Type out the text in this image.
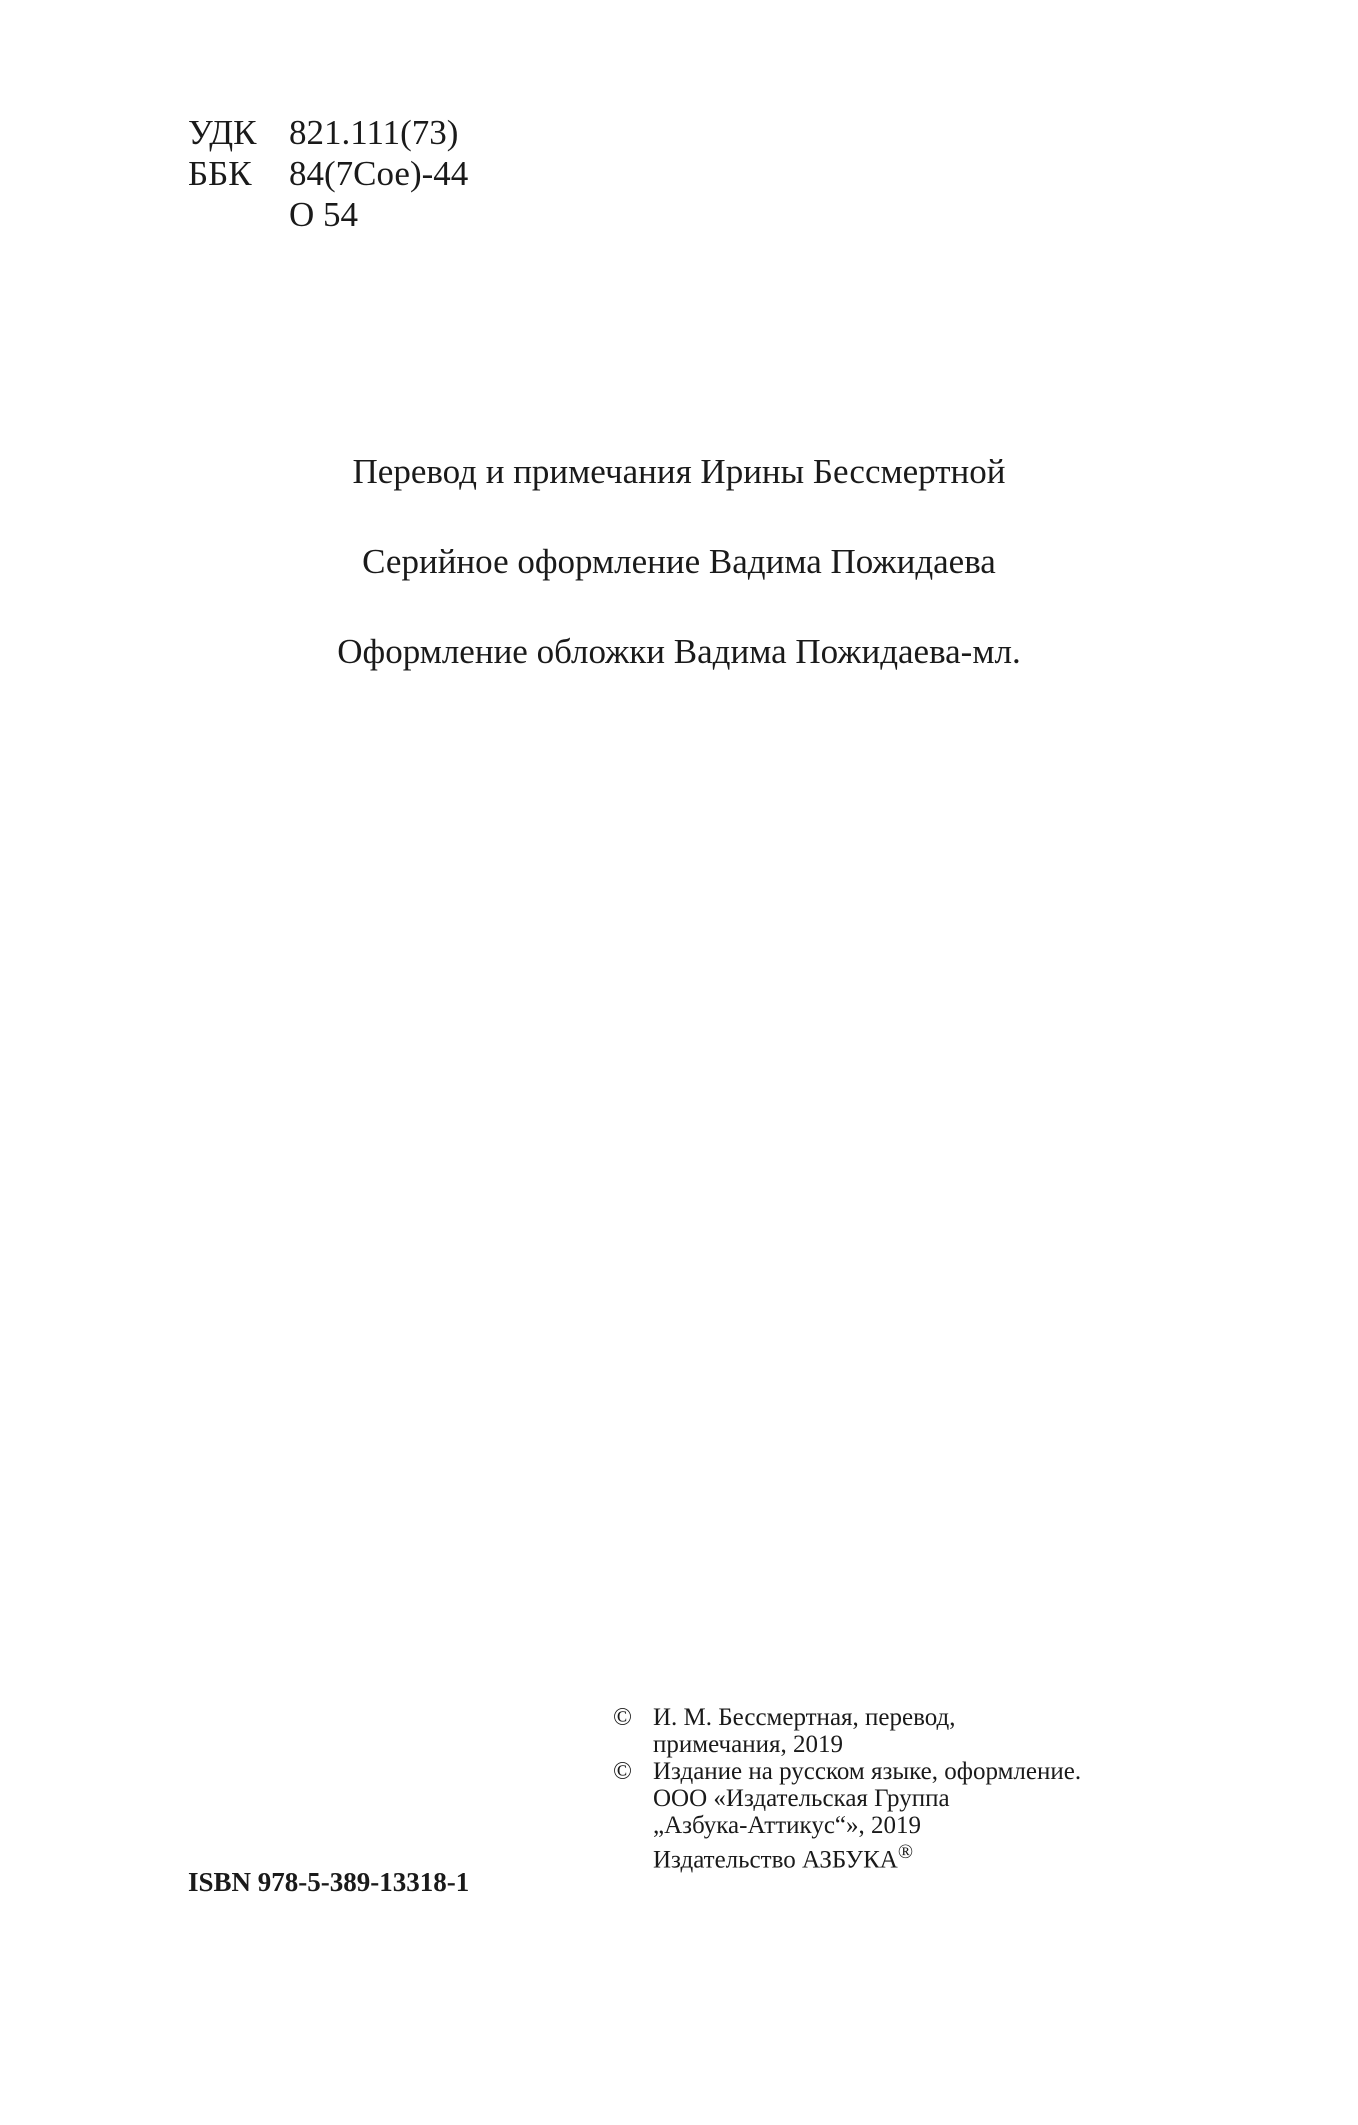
УДК 821.111(73)
ББК	84(7Сое)-44
О 54
Перевод и примечания Ирины Бессмертной
Серийное оформление Вадима Пожидаева
Оформление обложки Вадима Пожидаева-мл.
© И. М. Бессмертная, перевод,
примечания, 2019
© Издание на русском языке, оформление.
ООО «Издательская Группа
„Азбука-Аттикус“», 2019
Издательство АЗБУКА®
ISBN 978-5-389-13318-1
